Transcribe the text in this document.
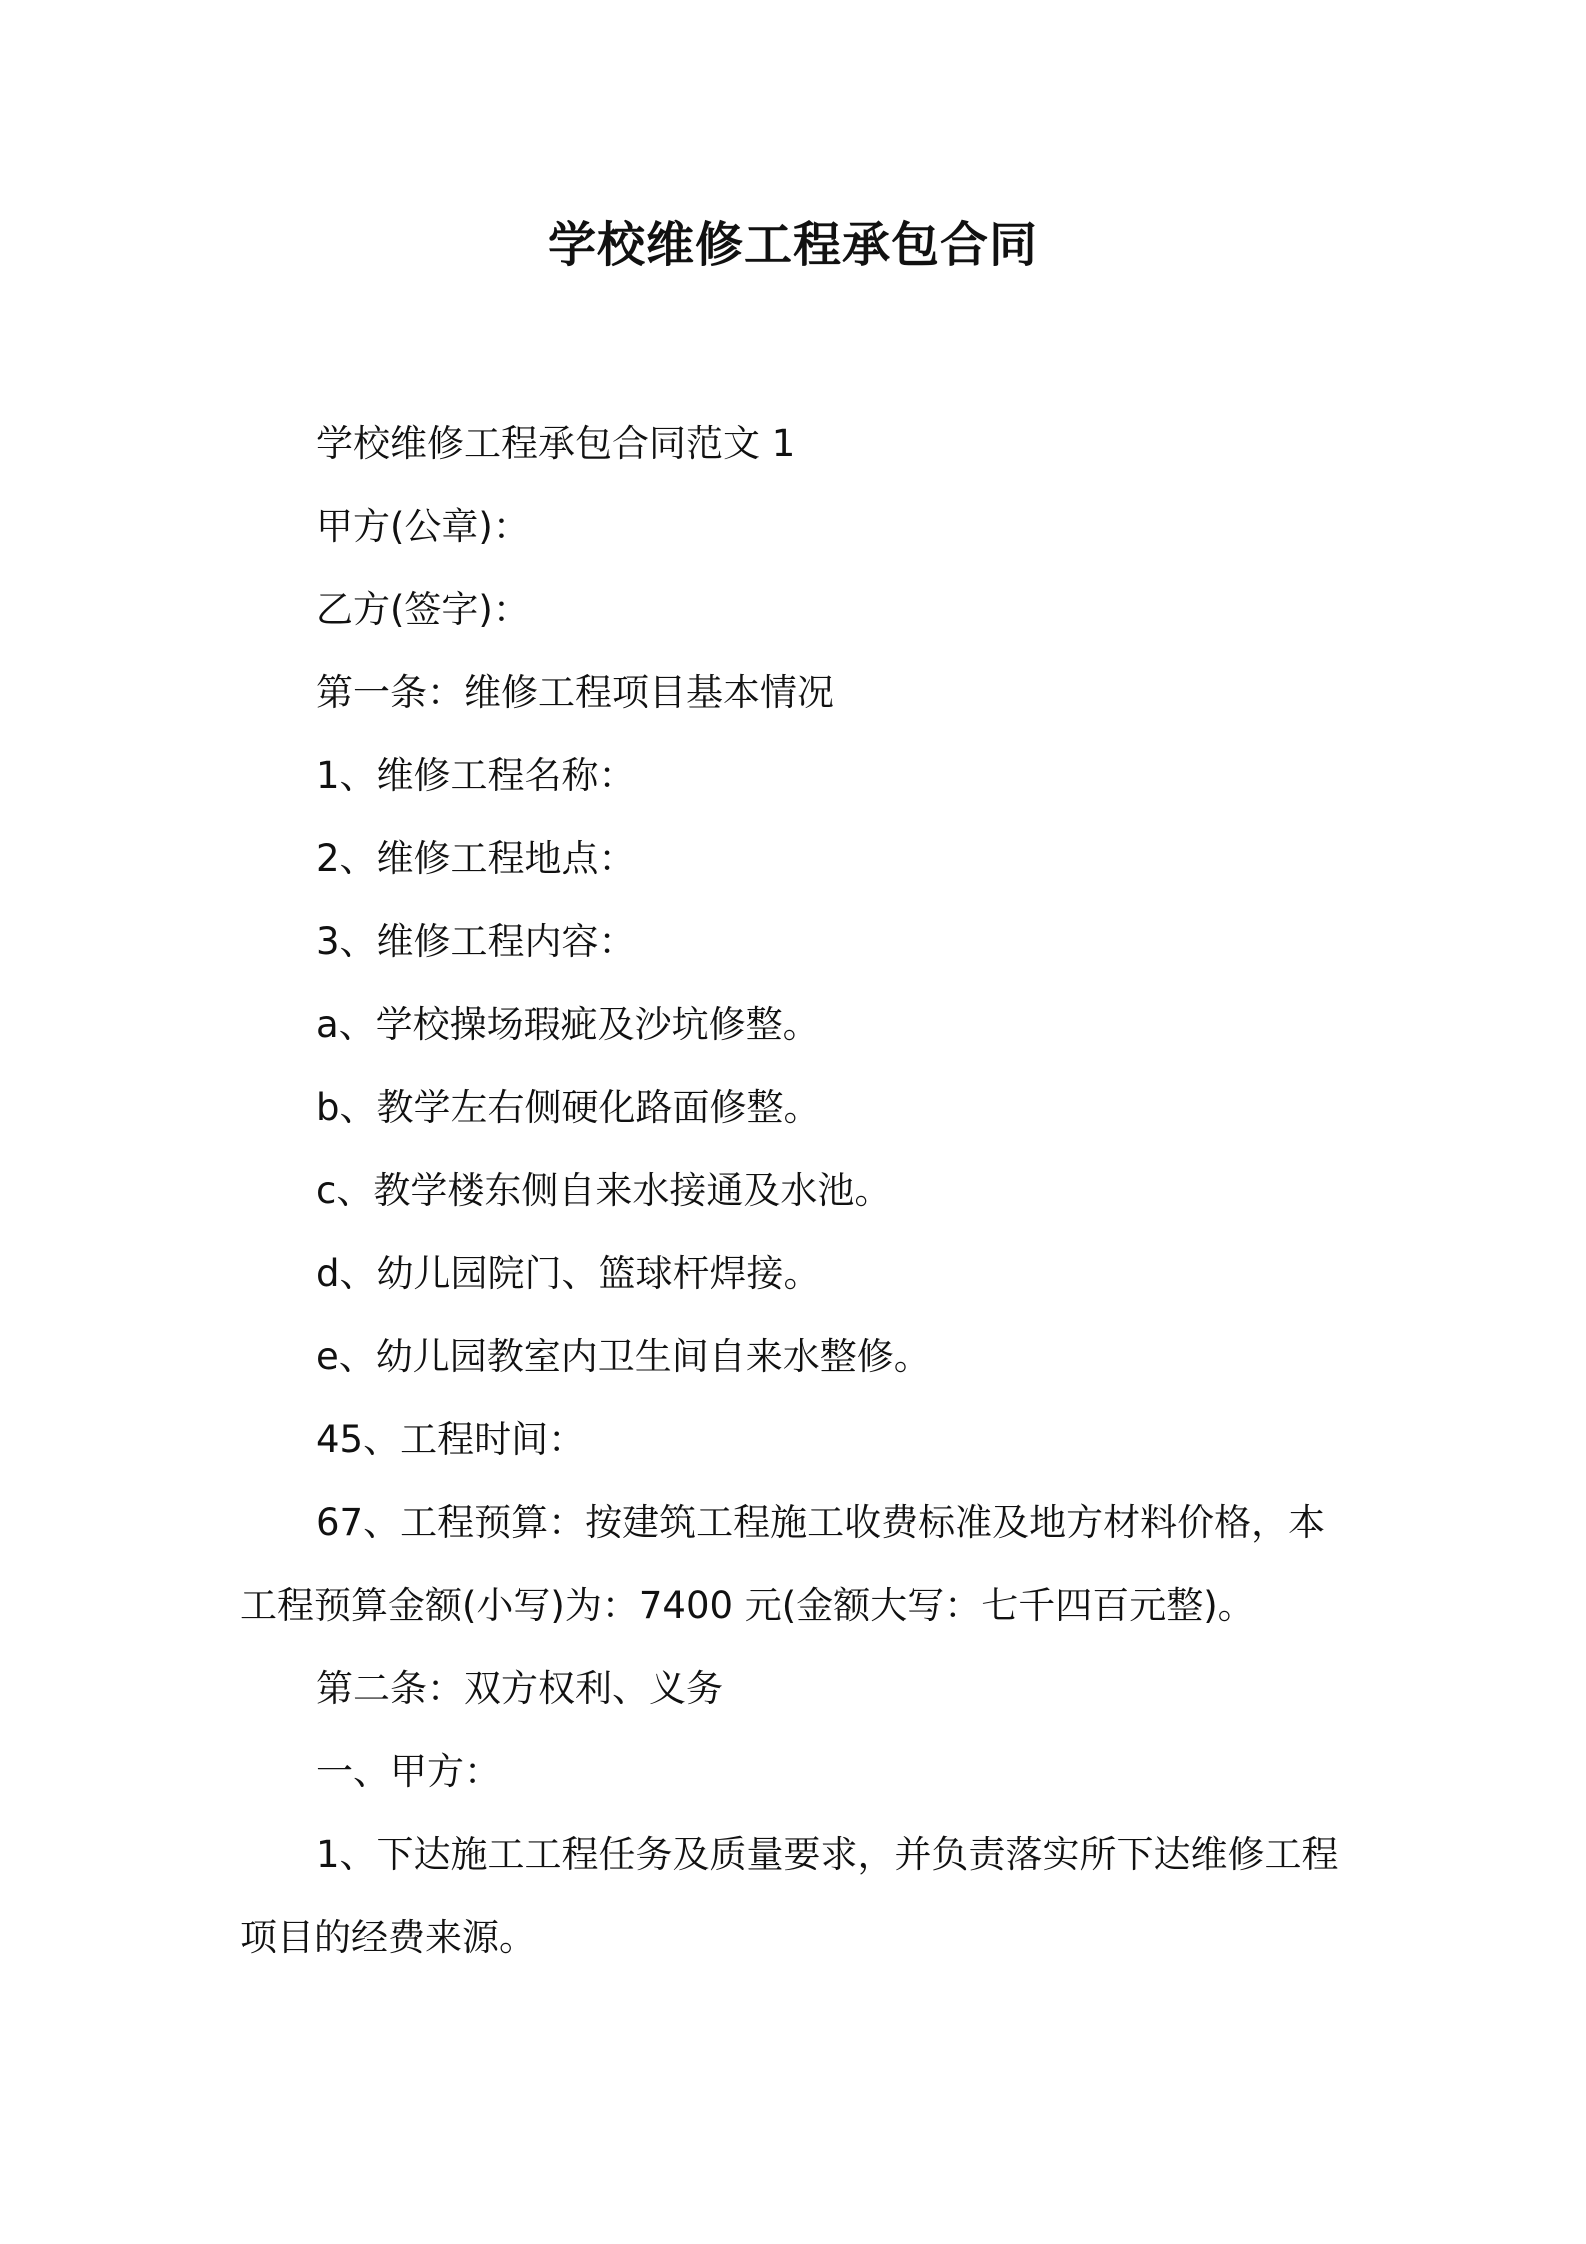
学校维修工程承包合同

学校维修工程承包合同范文 1

甲方(公章)：

乙方(签字)：

第一条：维修工程项目基本情况

1、维修工程名称：

2、维修工程地点：

3、维修工程内容：

a、学校操场瑕疵及沙坑修整。

b、教学左右侧硬化路面修整。

c、教学楼东侧自来水接通及水池。

d、幼儿园院门、篮球杆焊接。

e、幼儿园教室内卫生间自来水整修。

45、工程时间：

67、工程预算：按建筑工程施工收费标准及地方材料价格，本工程预算金额(小写)为：7400 元(金额大写：七千四百元整)。

第二条：双方权利、义务

一、甲方：

1、下达施工工程任务及质量要求，并负责落实所下达维修工程项目的经费来源。
